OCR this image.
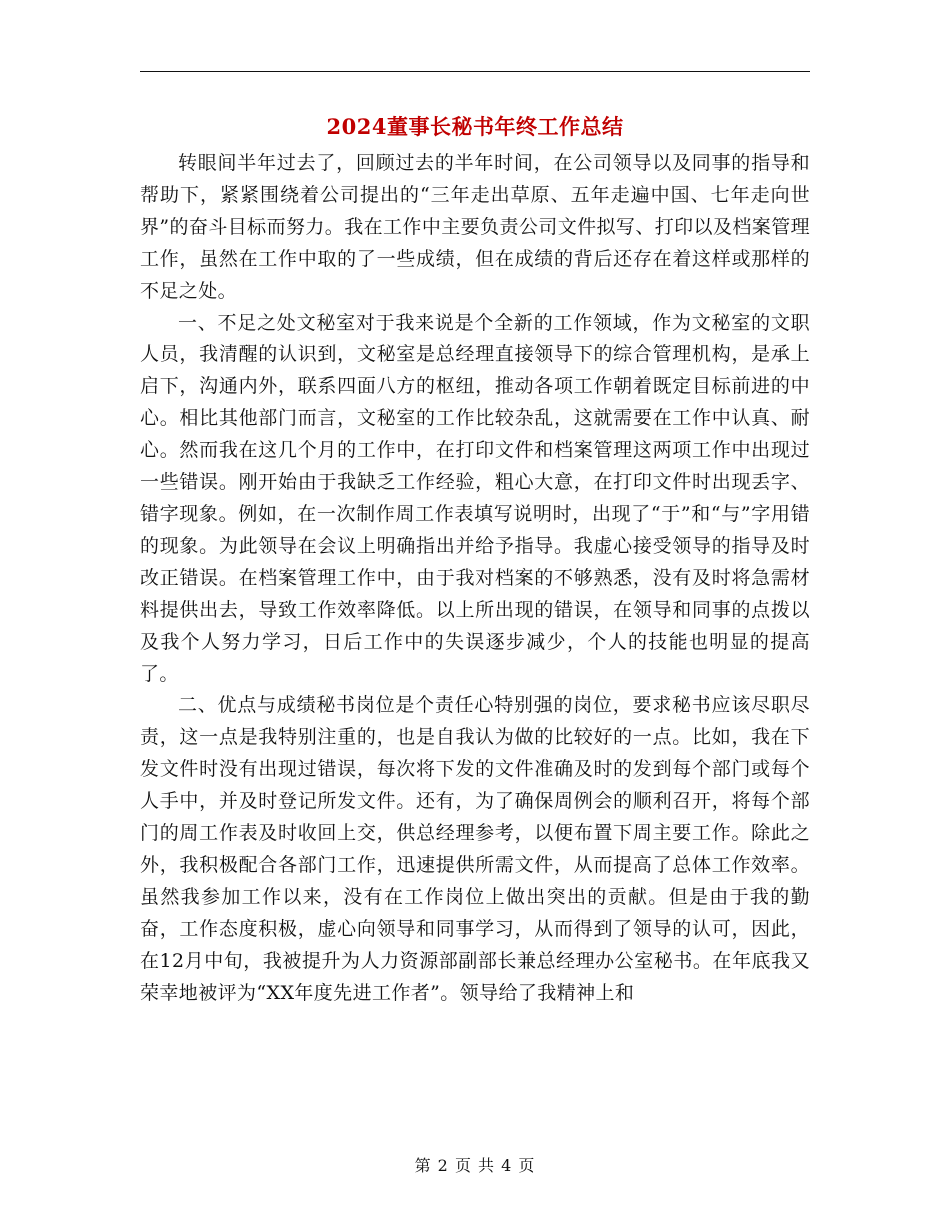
2024董事长秘书年终工作总结

转眼间半年过去了，回顾过去的半年时间，在公司领导以及同事的指导和帮助下，紧紧围绕着公司提出的“三年走出草原、五年走遍中国、七年走向世界”的奋斗目标而努力。我在工作中主要负责公司文件拟写、打印以及档案管理工作，虽然在工作中取的了一些成绩，但在成绩的背后还存在着这样或那样的不足之处。

一、不足之处文秘室对于我来说是个全新的工作领域，作为文秘室的文职人员，我清醒的认识到，文秘室是总经理直接领导下的综合管理机构，是承上启下，沟通内外，联系四面八方的枢纽，推动各项工作朝着既定目标前进的中心。相比其他部门而言，文秘室的工作比较杂乱，这就需要在工作中认真、耐心。然而我在这几个月的工作中，在打印文件和档案管理这两项工作中出现过一些错误。刚开始由于我缺乏工作经验，粗心大意，在打印文件时出现丢字、错字现象。例如，在一次制作周工作表填写说明时，出现了“于”和“与”字用错的现象。为此领导在会议上明确指出并给予指导。我虚心接受领导的指导及时改正错误。在档案管理工作中，由于我对档案的不够熟悉，没有及时将急需材料提供出去，导致工作效率降低。以上所出现的错误，在领导和同事的点拨以及我个人努力学习，日后工作中的失误逐步减少，个人的技能也明显的提高了。

二、优点与成绩秘书岗位是个责任心特别强的岗位，要求秘书应该尽职尽责，这一点是我特别注重的，也是自我认为做的比较好的一点。比如，我在下发文件时没有出现过错误，每次将下发的文件准确及时的发到每个部门或每个人手中，并及时登记所发文件。还有，为了确保周例会的顺利召开，将每个部门的周工作表及时收回上交，供总经理参考，以便布置下周主要工作。除此之外，我积极配合各部门工作，迅速提供所需文件，从而提高了总体工作效率。虽然我参加工作以来，没有在工作岗位上做出突出的贡献。但是由于我的勤奋，工作态度积极，虚心向领导和同事学习，从而得到了领导的认可，因此，在12月中旬，我被提升为人力资源部副部长兼总经理办公室秘书。在年底我又荣幸地被评为“XX年度先进工作者”。领导给了我精神上和

第 2 页 共 4 页
